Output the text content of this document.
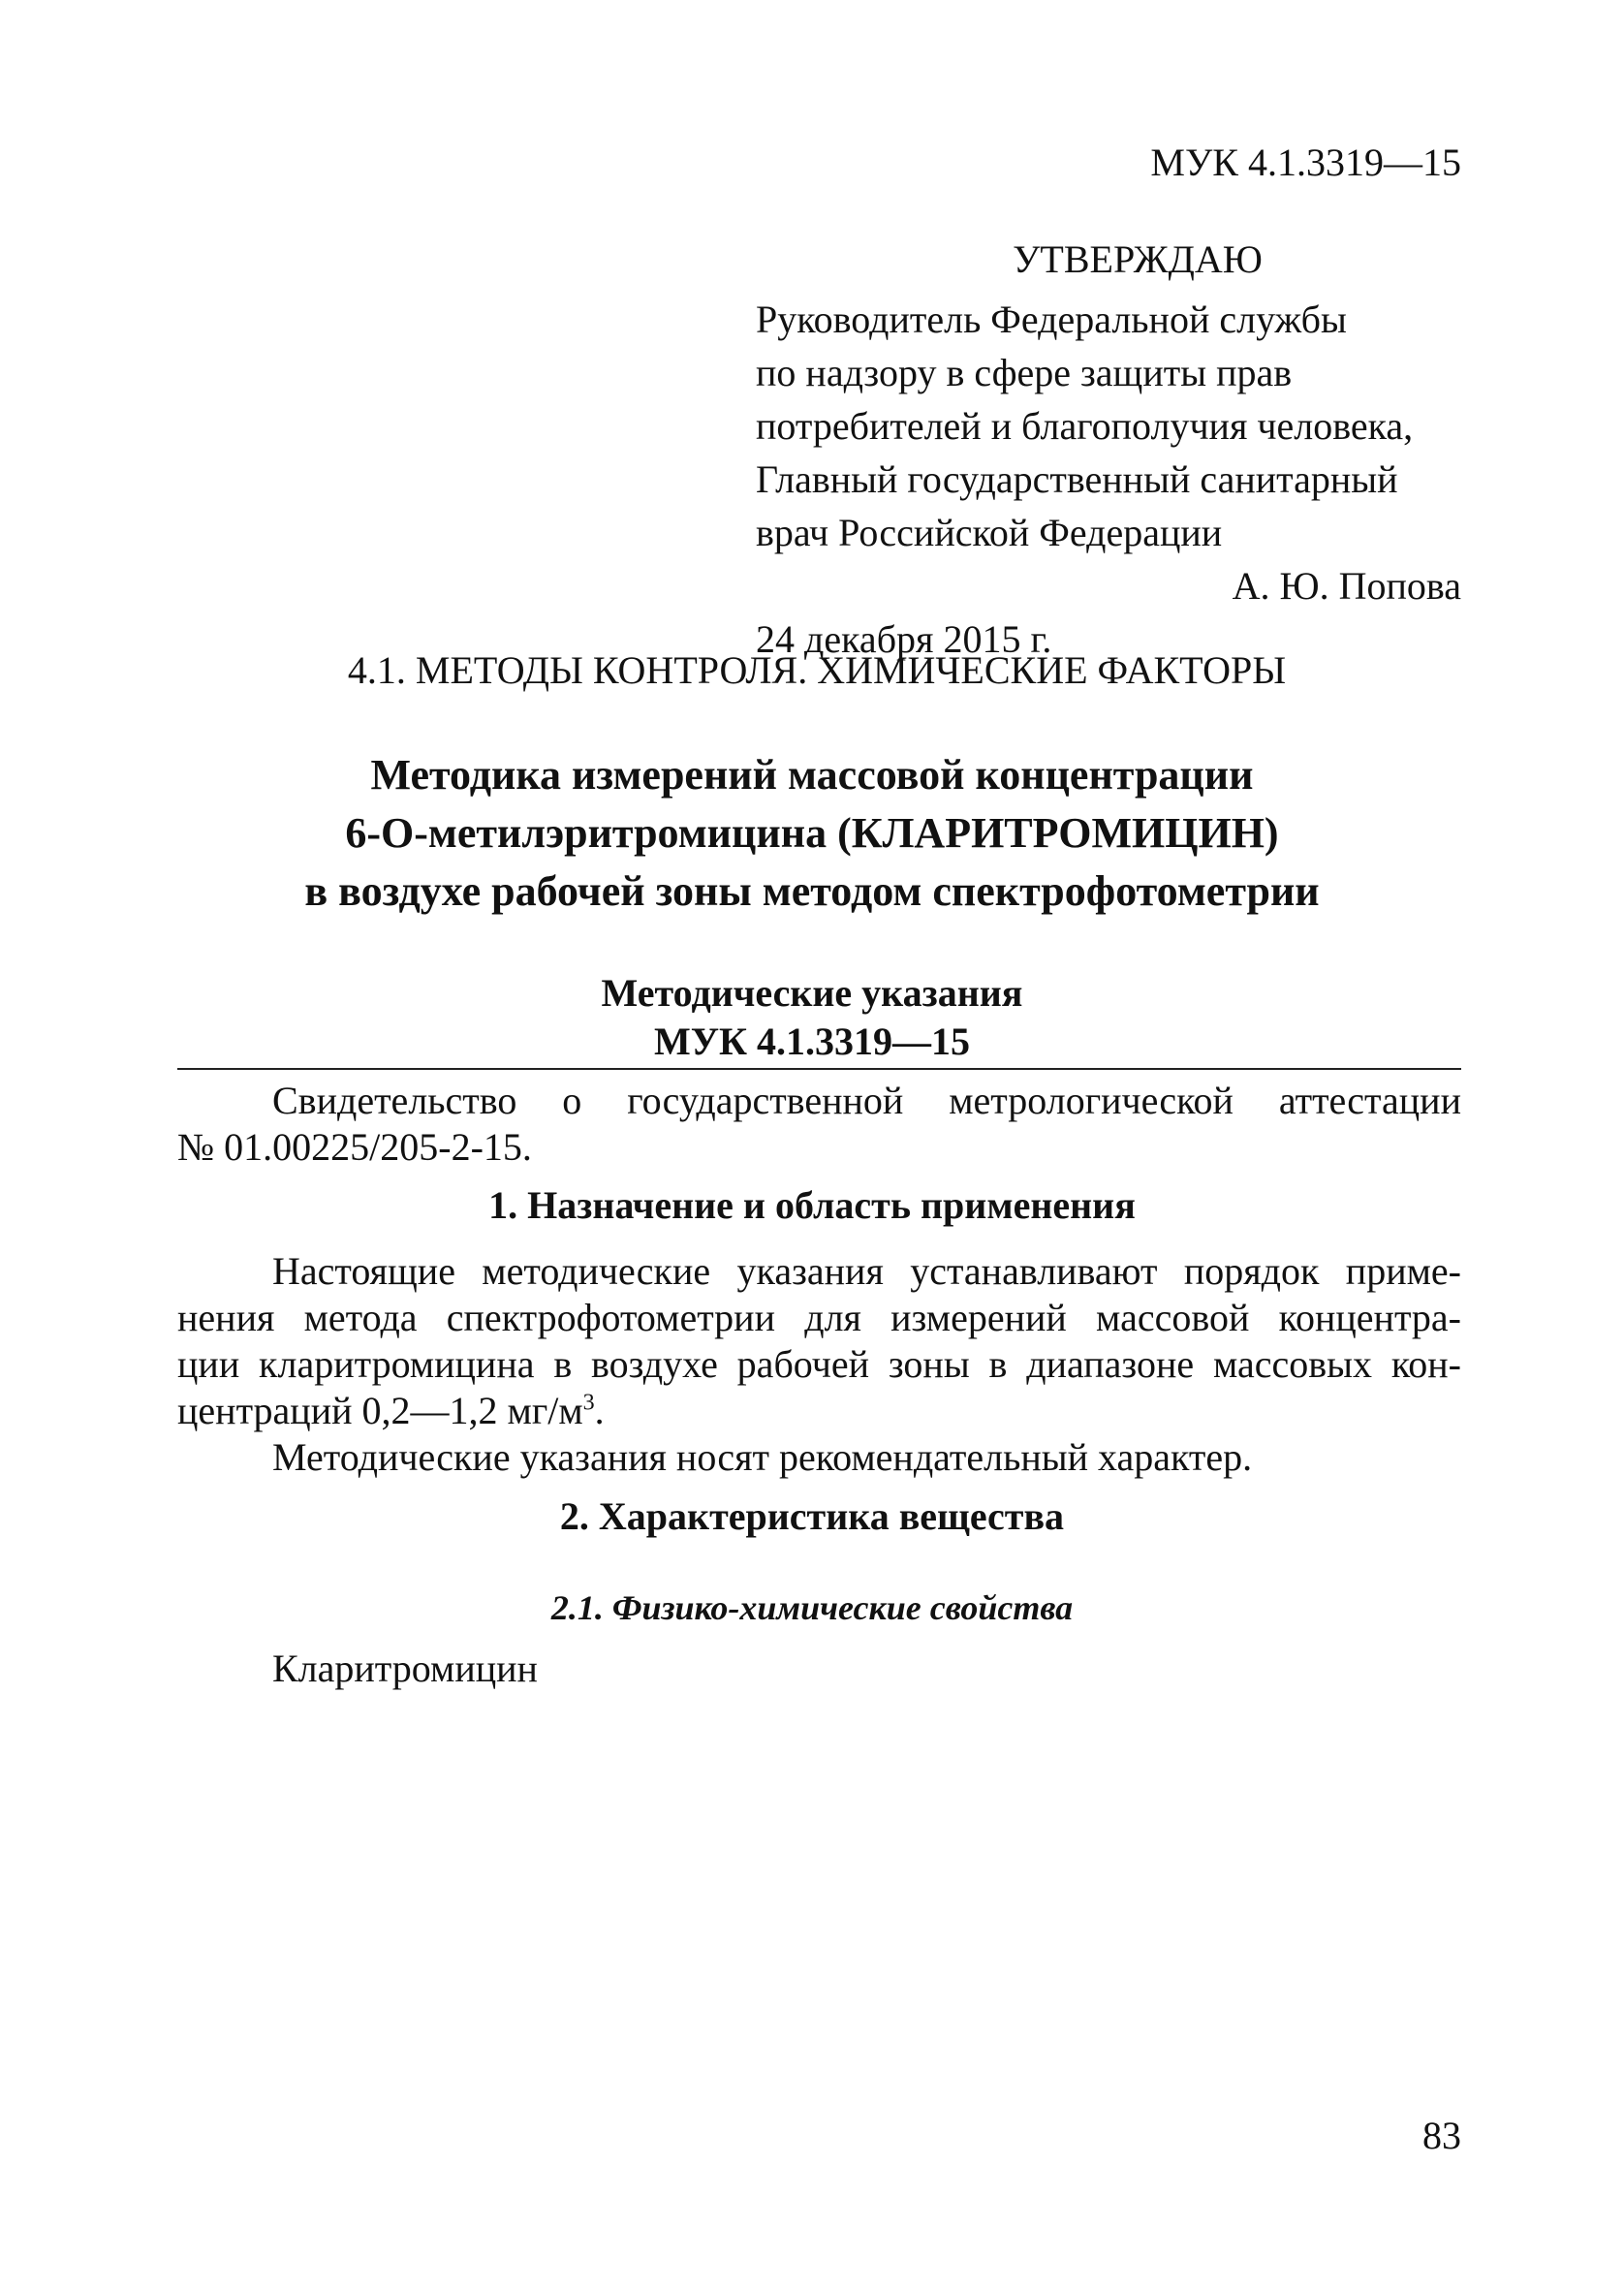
МУК 4.1.3319—15
УТВЕРЖДАЮ
Руководитель Федеральной службы
по надзору в сфере защиты прав
потребителей и благополучия человека,
Главный государственный санитарный
врач Российской Федерации
А. Ю. Попова
24 декабря 2015 г.
4.1. МЕТОДЫ КОНТРОЛЯ. ХИМИЧЕСКИЕ ФАКТОРЫ
Методика измерений массовой концентрации
6-О-метилэритромицина (КЛАРИТРОМИЦИН)
в воздухе рабочей зоны методом спектрофотометрии
Методические указания
МУК 4.1.3319—15
Свидетельство о государственной метрологической аттестации
№ 01.00225/205-2-15.
1. Назначение и область применения
Настоящие методические указания устанавливают порядок приме-
нения метода спектрофотометрии для измерений массовой концентра-
ции кларитромицина в воздухе рабочей зоны в диапазоне массовых кон-
центраций 0,2—1,2 $мг/м^3$.
Методические указания носят рекомендательный характер.
2. Характеристика вещества
2.1. Физико-химические свойства
Кларитромицин
83
